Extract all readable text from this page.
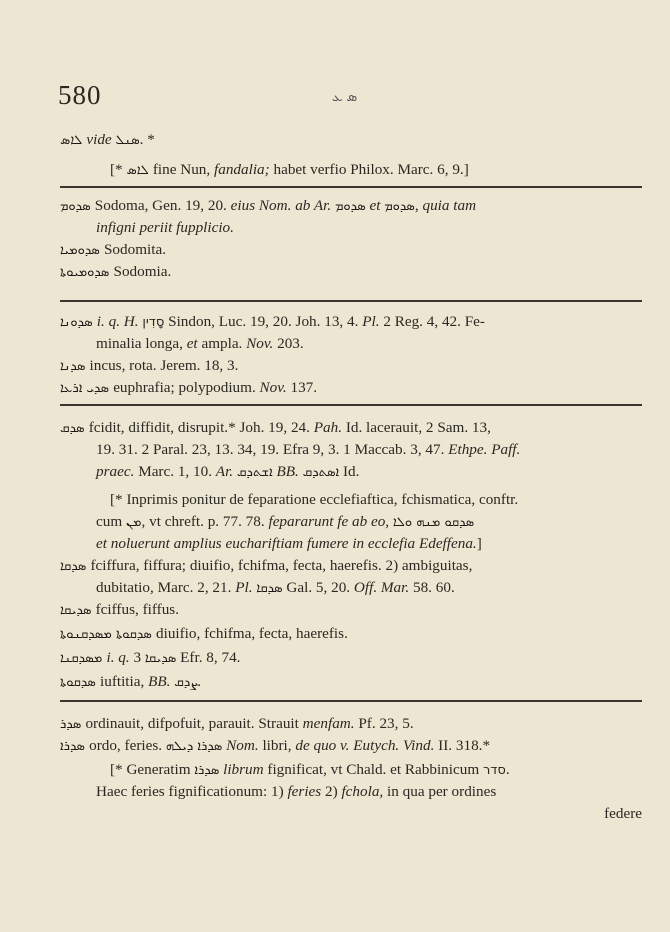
580	ܣ ܥ
ܠܐܣ vide ܣܢܠ. *
[* ܠܐܣ fine Nun, fandalia; habet verfio Philox. Marc. 6, 9.]
ܣܕܘܡ Sodoma, Gen. 19, 20. eius Nom. ab Ar. ܣܕܘܡ et ܣܕܘܡ, quia tam
infigni periit fupplicio.
ܣܕܘܡܝܐ Sodomita.
ܣܕܘܡܝܘܬܐ Sodomia.
ܣܕܘܢܐ i. q. H. סָדִין Sindon, Luc. 19, 20. Joh. 13, 4. Pl. 2 Reg. 4, 42. Fe-
minalia longa, et ampla. Nov. 203.
ܣܕܢܐ incus, rota. Jerem. 18, 3.
ܣܕܝ ܐܪܥܐ euphrafia; polypodium. Nov. 137.
ܣܕܩ fcidit, diffidit, disrupit.* Joh. 19, 24. Pah. Id. lacerauit, 2 Sam. 13,
19. 31. 2 Paral. 23, 13. 34, 19. Efra 9, 3. 1 Maccab. 3, 47. Ethpe. Paff.
praec. Marc. 1, 10. Ar. ܐܫܬܕܩ BB. ܐܣܬܕܩ Id.
[* Inprimis ponitur de feparatione ecclefiaftica, fchismatica, conftr.
cum ܡܢ, vt chreft. p. 77. 78. fepararunt fe ab eo, ܣܕܩܘ ܡܢܗ ܘܠܐ
et noluerunt amplius euchariftiam fumere in ecclefia Edeffena.]
ܣܕܩܐ fciffura, fiffura; diuifio, fchifma, fecta, haerefis. 2) ambiguitas,
dubitatio, Marc. 2, 21. Pl. ܣܕܩܐ Gal. 5, 20. Off. Mar. 58. 60.
ܣܕܝܩܐ fciffus, fiffus.
ܣܕܩܘܬܐ ܡܣܕܩܢܘܬܐ diuifio, fchifma, fecta, haerefis.
ܡܣܕܩܢܐ i. q. ܣܕܝܩܐ 3 Efr. 8, 74.
ܣܕܩܘܬܐ iuftitia, BB. ܨܕܩ.
ܣܕܪ ordinauit, difpofuit, parauit. Strauit menfam. Pf. 23, 5.
ܣܕܪܐ ordo, feries. ܣܕܪܐ ܕܝܠܗ Nom. libri, de quo v. Eutych. Vind. II. 318.*
[* Generatim ܣܕܪܐ librum fignificat, vt Chald. et Rabbinicum סדר.
Haec feries fignificationum: 1) feries 2) fchola, in qua per ordines
federe
